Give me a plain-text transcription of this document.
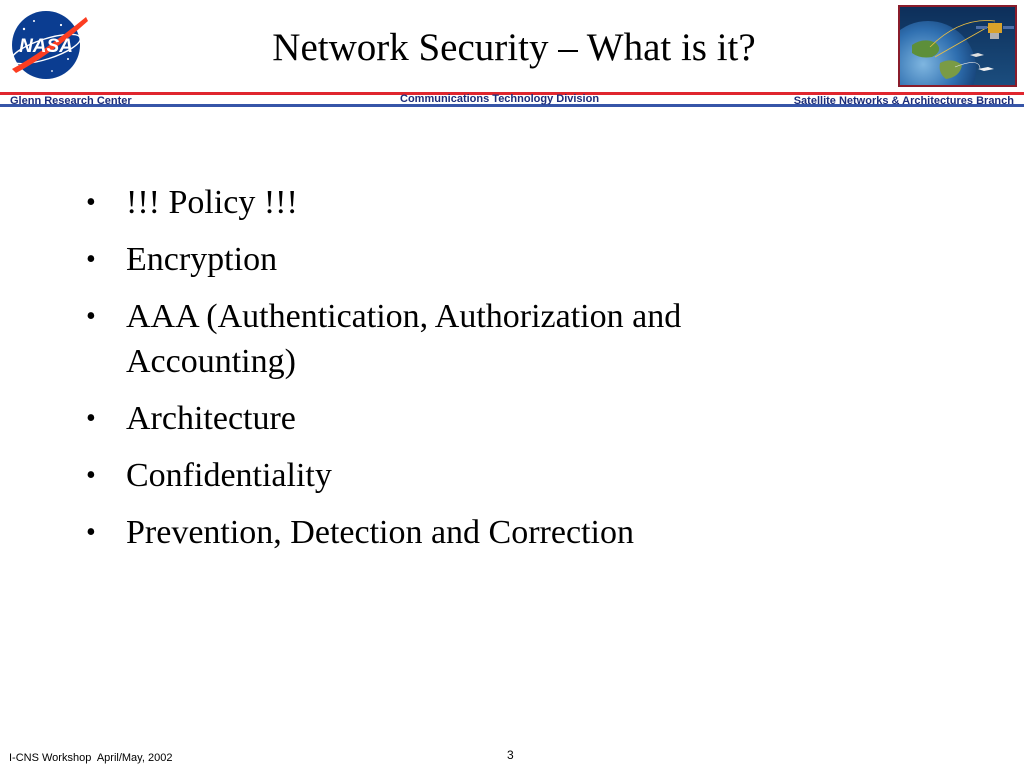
NASA	Network Security – What is it?
Glenn Research Center	Communications Technology Division	Satellite Networks & Architectures Branch
• !!! Policy !!!
• Encryption
• AAA (Authentication, Authorization and Accounting)
• Architecture
• Confidentiality
• Prevention, Detection and Correction
I-CNS Workshop  April/May, 2002	3
